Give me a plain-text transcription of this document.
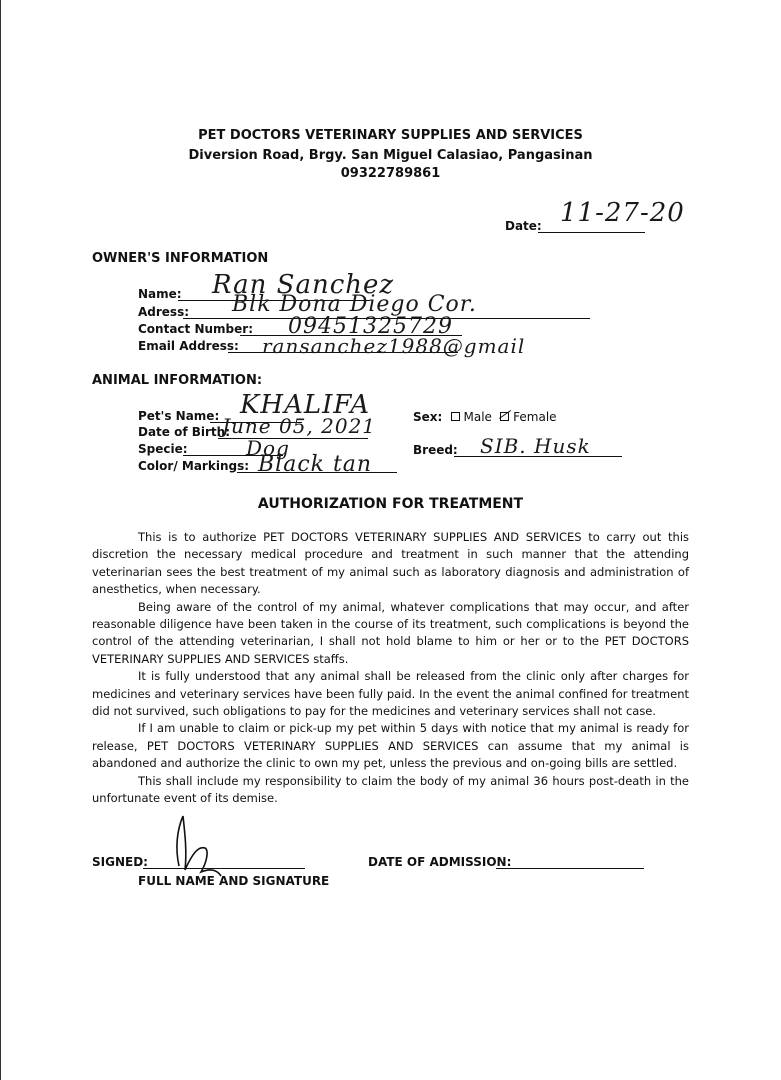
PET DOCTORS VETERINARY SUPPLIES AND SERVICES
Diversion Road, Brgy. San Miguel Calasiao, Pangasinan
09322789861
Date: 11-27-20
OWNER'S INFORMATION
Name: Ran Sanchez
Adress: Blk Dona Diego Cor.
Contact Number: 09451325729
Email Address: ransanchez1988@gmail
ANIMAL INFORMATION:
Pet's Name: KHALIFA
Date of Birth:
June 05, 2021
Specie:	Dog
Color/ Markings: Black tan
Sex: Male Female
Breed: SIB. Husk
AUTHORIZATION FOR TREATMENT

This is to authorize PET DOCTORS VETERINARY SUPPLIES AND SERVICES to carry out this discretion the necessary medical procedure and treatment in such manner that the attending veterinarian sees the best treatment of my animal such as laboratory diagnosis and administration of anesthetics, when necessary.

Being aware of the control of my animal, whatever complications that may occur, and after reasonable diligence have been taken in the course of its treatment, such complications is beyond the control of the attending veterinarian, I shall not hold blame to him or her or to the PET DOCTORS VETERINARY SUPPLIES AND SERVICES staffs.

It is fully understood that any animal shall be released from the clinic only after charges for medicines and veterinary services have been fully paid. In the event the animal confined for treatment did not survived, such obligations to pay for the medicines and veterinary services shall not case.

If I am unable to claim or pick-up my pet within 5 days with notice that my animal is ready for release, PET DOCTORS VETERINARY SUPPLIES AND SERVICES can assume that my animal is abandoned and authorize the clinic to own my pet, unless the previous and on-going bills are settled.

This shall include my responsibility to claim the body of my animal 36 hours post-death in the unfortunate event of its demise.

SIGNED:
FULL NAME AND SIGNATURE
DATE OF ADMISSION:
